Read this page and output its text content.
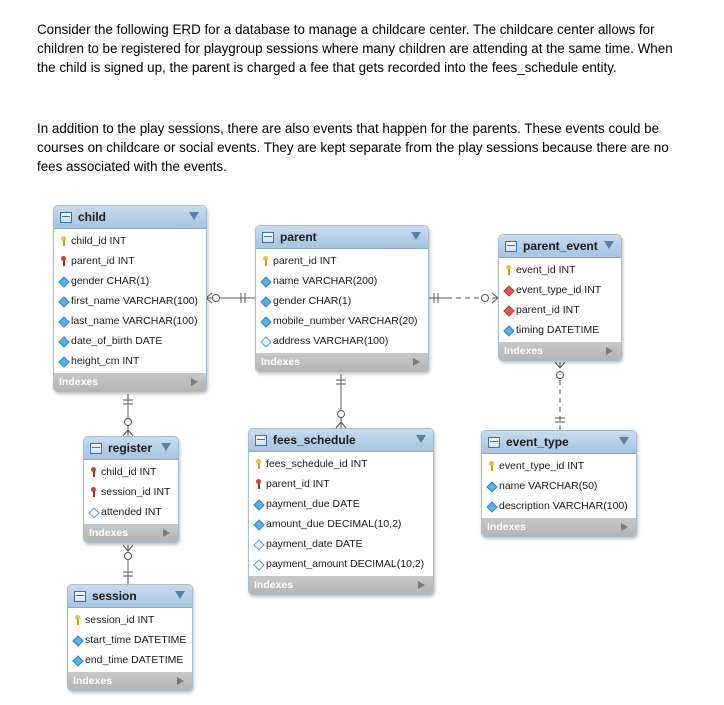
Consider the following ERD for a database to manage a childcare center. The childcare center allows for children to be registered for playgroup sessions where many children are attending at the same time. When the child is signed up, the parent is charged a fee that gets recorded into the fees_schedule entity.
In addition to the play sessions, there are also events that happen for the parents. These events could be courses on childcare or social events. They are kept separate from the play sessions because there are no fees associated with the events.
child
child_id INT
parent_id INT
gender CHAR(1)
first_name VARCHAR(100)
last_name VARCHAR(100)
date_of_birth DATE
height_cm INT
Indexes
parent
parent_id INT
name VARCHAR(200)
gender CHAR(1)
mobile_number VARCHAR(20)
address VARCHAR(100)
Indexes
parent_event
event_id INT
event_type_id INT
parent_id INT
timing DATETIME
Indexes
register
child_id INT
session_id INT
attended INT
Indexes
fees_schedule
fees_schedule_id INT
parent_id INT
payment_due DATE
amount_due DECIMAL(10,2)
payment_date DATE
payment_amount DECIMAL(10,2)
Indexes
event_type
event_type_id INT
name VARCHAR(50)
description VARCHAR(100)
Indexes
session
session_id INT
start_time DATETIME
end_time DATETIME
Indexes
